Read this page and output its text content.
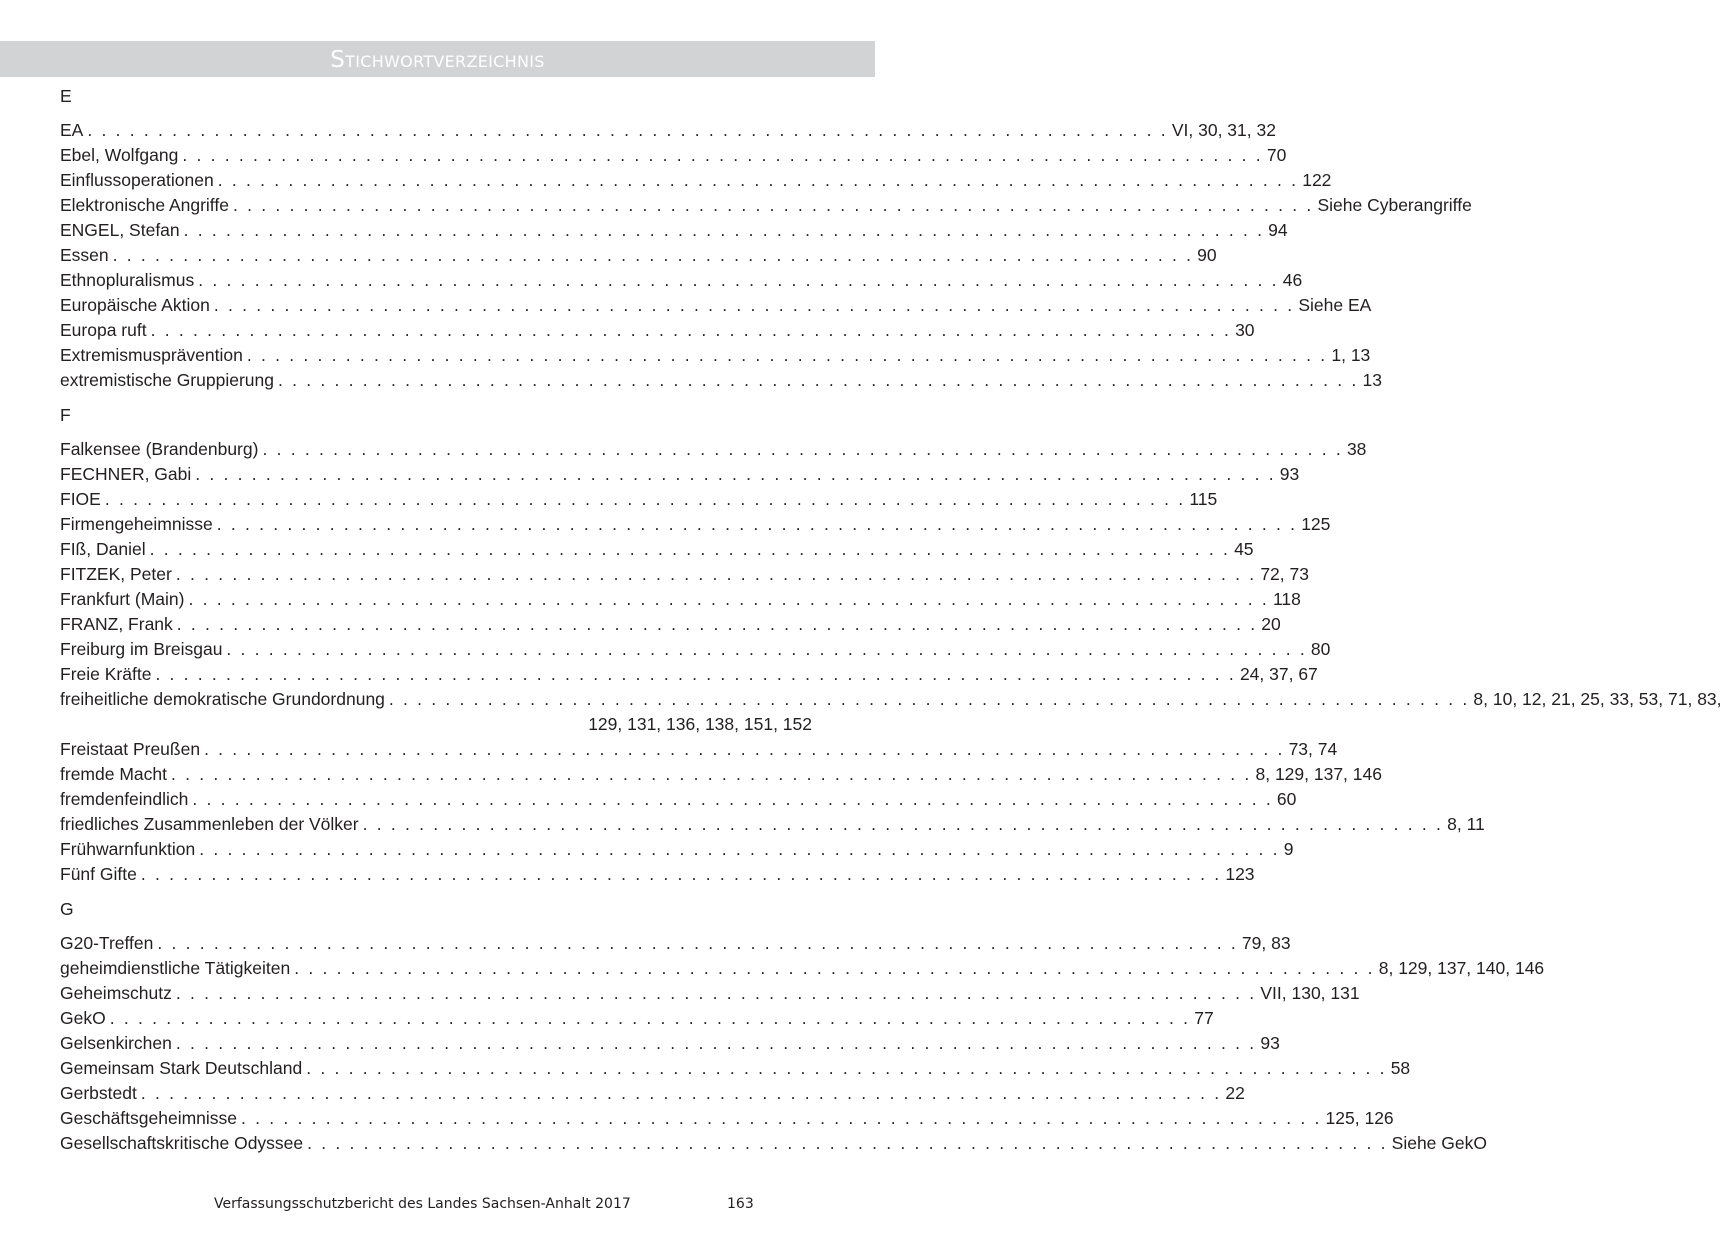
Stichwortverzeichnis
E
EA . . . . . . . . . . . . . . . . . . . . . . . . . . . . . . . . . . . . . . . . . . . . . . . . . . . . . . . . . . . . . . . . . . . . . . . . . . . . . VI, 30, 31, 32
Ebel, Wolfgang . . . . . . . . . . . . . . . . . . . . . . . . . . . . . . . . . . . . . . . . . . . . . . . . . . . . . . . . . . . . . . . . . . . . . . . . . . . . . 70
Einflussoperationen . . . . . . . . . . . . . . . . . . . . . . . . . . . . . . . . . . . . . . . . . . . . . . . . . . . . . . . . . . . . . . . . . . . . . . . . . . . . . 122
Elektronische Angriffe . . . . . . . . . . . . . . . . . . . . . . . . . . . . . . . . . . . . . . . . . . . . . . . . . . . . . . . . . . . . . . . . . . . . . . . . . . . . . Siehe Cyberangriffe
ENGEL, Stefan . . . . . . . . . . . . . . . . . . . . . . . . . . . . . . . . . . . . . . . . . . . . . . . . . . . . . . . . . . . . . . . . . . . . . . . . . . . . . 94
Essen . . . . . . . . . . . . . . . . . . . . . . . . . . . . . . . . . . . . . . . . . . . . . . . . . . . . . . . . . . . . . . . . . . . . . . . . . . . . . 90
Ethnopluralismus . . . . . . . . . . . . . . . . . . . . . . . . . . . . . . . . . . . . . . . . . . . . . . . . . . . . . . . . . . . . . . . . . . . . . . . . . . . . . 46
Europäische Aktion . . . . . . . . . . . . . . . . . . . . . . . . . . . . . . . . . . . . . . . . . . . . . . . . . . . . . . . . . . . . . . . . . . . . . . . . . . . . . Siehe EA
Europa ruft . . . . . . . . . . . . . . . . . . . . . . . . . . . . . . . . . . . . . . . . . . . . . . . . . . . . . . . . . . . . . . . . . . . . . . . . . . . . . 30
Extremismusprävention . . . . . . . . . . . . . . . . . . . . . . . . . . . . . . . . . . . . . . . . . . . . . . . . . . . . . . . . . . . . . . . . . . . . . . . . . . . . . 1, 13
extremistische Gruppierung . . . . . . . . . . . . . . . . . . . . . . . . . . . . . . . . . . . . . . . . . . . . . . . . . . . . . . . . . . . . . . . . . . . . . . . . . . . . . 13
F
Falkensee (Brandenburg) . . . . . . . . . . . . . . . . . . . . . . . . . . . . . . . . . . . . . . . . . . . . . . . . . . . . . . . . . . . . . . . . . . . . . . . . . . . . . 38
FECHNER, Gabi . . . . . . . . . . . . . . . . . . . . . . . . . . . . . . . . . . . . . . . . . . . . . . . . . . . . . . . . . . . . . . . . . . . . . . . . . . . . . 93
FIOE . . . . . . . . . . . . . . . . . . . . . . . . . . . . . . . . . . . . . . . . . . . . . . . . . . . . . . . . . . . . . . . . . . . . . . . . . . . . . 115
Firmengeheimnisse . . . . . . . . . . . . . . . . . . . . . . . . . . . . . . . . . . . . . . . . . . . . . . . . . . . . . . . . . . . . . . . . . . . . . . . . . . . . . 125
FIß, Daniel . . . . . . . . . . . . . . . . . . . . . . . . . . . . . . . . . . . . . . . . . . . . . . . . . . . . . . . . . . . . . . . . . . . . . . . . . . . . . 45
FITZEK, Peter . . . . . . . . . . . . . . . . . . . . . . . . . . . . . . . . . . . . . . . . . . . . . . . . . . . . . . . . . . . . . . . . . . . . . . . . . . . . . 72, 73
Frankfurt (Main) . . . . . . . . . . . . . . . . . . . . . . . . . . . . . . . . . . . . . . . . . . . . . . . . . . . . . . . . . . . . . . . . . . . . . . . . . . . . . 118
FRANZ, Frank . . . . . . . . . . . . . . . . . . . . . . . . . . . . . . . . . . . . . . . . . . . . . . . . . . . . . . . . . . . . . . . . . . . . . . . . . . . . . 20
Freiburg im Breisgau . . . . . . . . . . . . . . . . . . . . . . . . . . . . . . . . . . . . . . . . . . . . . . . . . . . . . . . . . . . . . . . . . . . . . . . . . . . . . 80
Freie Kräfte . . . . . . . . . . . . . . . . . . . . . . . . . . . . . . . . . . . . . . . . . . . . . . . . . . . . . . . . . . . . . . . . . . . . . . . . . . . . . 24, 37, 67
freiheitliche demokratische Grundordnung . . . . . . . . . . . . . . . . . . . . . . . . . . . . . . . . . . . . . . . . . . . . . . . . . . . . . . . . . . . . . . . . . . . . . . . . . . . . . 8, 10, 12, 21, 25, 33, 53, 71, 83,
129, 131, 136, 138, 151, 152
Freistaat Preußen . . . . . . . . . . . . . . . . . . . . . . . . . . . . . . . . . . . . . . . . . . . . . . . . . . . . . . . . . . . . . . . . . . . . . . . . . . . . . 73, 74
fremde Macht . . . . . . . . . . . . . . . . . . . . . . . . . . . . . . . . . . . . . . . . . . . . . . . . . . . . . . . . . . . . . . . . . . . . . . . . . . . . . 8, 129, 137, 146
fremdenfeindlich . . . . . . . . . . . . . . . . . . . . . . . . . . . . . . . . . . . . . . . . . . . . . . . . . . . . . . . . . . . . . . . . . . . . . . . . . . . . . 60
friedliches Zusammenleben der Völker . . . . . . . . . . . . . . . . . . . . . . . . . . . . . . . . . . . . . . . . . . . . . . . . . . . . . . . . . . . . . . . . . . . . . . . . . . . . . 8, 11
Frühwarnfunktion . . . . . . . . . . . . . . . . . . . . . . . . . . . . . . . . . . . . . . . . . . . . . . . . . . . . . . . . . . . . . . . . . . . . . . . . . . . . . 9
Fünf Gifte . . . . . . . . . . . . . . . . . . . . . . . . . . . . . . . . . . . . . . . . . . . . . . . . . . . . . . . . . . . . . . . . . . . . . . . . . . . . . 123
G
G20-Treffen . . . . . . . . . . . . . . . . . . . . . . . . . . . . . . . . . . . . . . . . . . . . . . . . . . . . . . . . . . . . . . . . . . . . . . . . . . . . . 79, 83
geheimdienstliche Tätigkeiten . . . . . . . . . . . . . . . . . . . . . . . . . . . . . . . . . . . . . . . . . . . . . . . . . . . . . . . . . . . . . . . . . . . . . . . . . . . . . 8, 129, 137, 140, 146
Geheimschutz . . . . . . . . . . . . . . . . . . . . . . . . . . . . . . . . . . . . . . . . . . . . . . . . . . . . . . . . . . . . . . . . . . . . . . . . . . . . . VII, 130, 131
GekO . . . . . . . . . . . . . . . . . . . . . . . . . . . . . . . . . . . . . . . . . . . . . . . . . . . . . . . . . . . . . . . . . . . . . . . . . . . . . 77
Gelsenkirchen . . . . . . . . . . . . . . . . . . . . . . . . . . . . . . . . . . . . . . . . . . . . . . . . . . . . . . . . . . . . . . . . . . . . . . . . . . . . . 93
Gemeinsam Stark Deutschland . . . . . . . . . . . . . . . . . . . . . . . . . . . . . . . . . . . . . . . . . . . . . . . . . . . . . . . . . . . . . . . . . . . . . . . . . . . . . 58
Gerbstedt . . . . . . . . . . . . . . . . . . . . . . . . . . . . . . . . . . . . . . . . . . . . . . . . . . . . . . . . . . . . . . . . . . . . . . . . . . . . . 22
Geschäftsgeheimnisse . . . . . . . . . . . . . . . . . . . . . . . . . . . . . . . . . . . . . . . . . . . . . . . . . . . . . . . . . . . . . . . . . . . . . . . . . . . . . 125, 126
Gesellschaftskritische Odyssee . . . . . . . . . . . . . . . . . . . . . . . . . . . . . . . . . . . . . . . . . . . . . . . . . . . . . . . . . . . . . . . . . . . . . . . . . . . . . Siehe GekO
Verfassungsschutzbericht des Landes Sachsen-Anhalt 2017	163
